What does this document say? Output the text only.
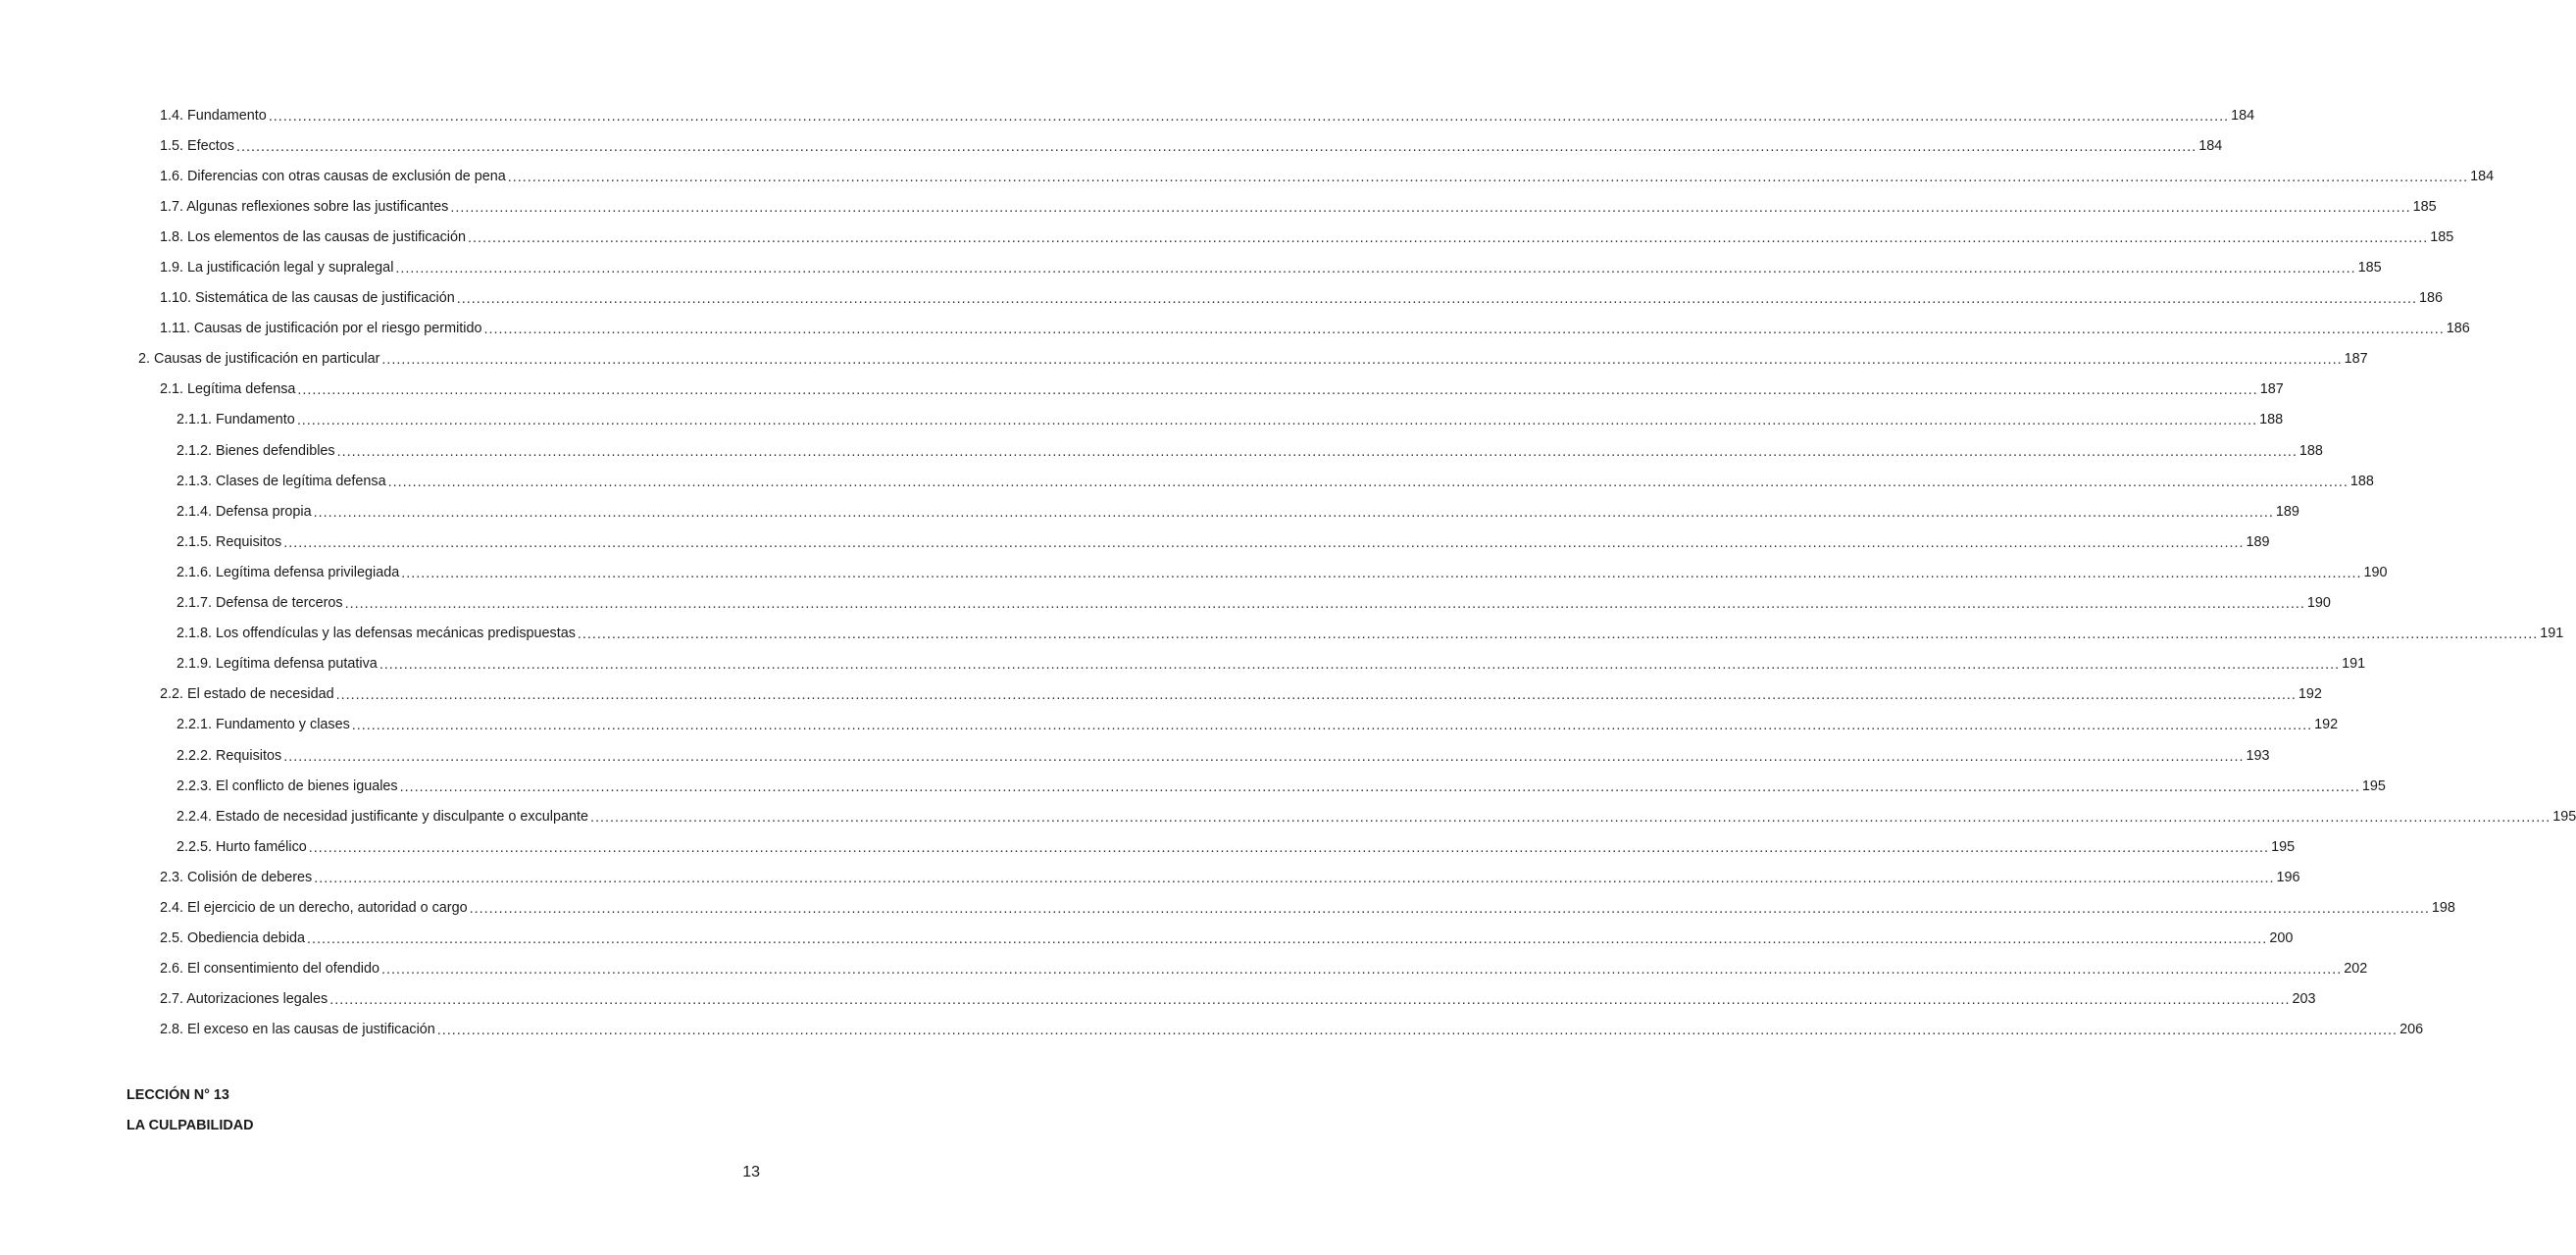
1.4. Fundamento ................................................................................................................................................................................................................................................................................................................................................................................................................ 184
1.5. Efectos ................................................................................................................................................................................................................................................................................................................................................................................................................ 184
1.6. Diferencias con otras causas de exclusión de pena ................................................................................................................................................................................................................................................................................................................................................................................................................ 184
1.7. Algunas reflexiones sobre las justificantes ................................................................................................................................................................................................................................................................................................................................................................................................................ 185
1.8. Los elementos de las causas de justificación ................................................................................................................................................................................................................................................................................................................................................................................................................ 185
1.9. La justificación legal y supralegal ................................................................................................................................................................................................................................................................................................................................................................................................................ 185
1.10. Sistemática de las causas de justificación ................................................................................................................................................................................................................................................................................................................................................................................................................ 186
1.11. Causas de justificación por el riesgo permitido ................................................................................................................................................................................................................................................................................................................................................................................................................ 186
2. Causas de justificación en particular ................................................................................................................................................................................................................................................................................................................................................................................................................ 187
2.1. Legítima defensa ................................................................................................................................................................................................................................................................................................................................................................................................................ 187
2.1.1. Fundamento ................................................................................................................................................................................................................................................................................................................................................................................................................ 188
2.1.2. Bienes defendibles ................................................................................................................................................................................................................................................................................................................................................................................................................ 188
2.1.3. Clases de legítima defensa ................................................................................................................................................................................................................................................................................................................................................................................................................ 188
2.1.4. Defensa propia ................................................................................................................................................................................................................................................................................................................................................................................................................ 189
2.1.5. Requisitos ................................................................................................................................................................................................................................................................................................................................................................................................................ 189
2.1.6. Legítima defensa privilegiada ................................................................................................................................................................................................................................................................................................................................................................................................................ 190
2.1.7. Defensa de terceros ................................................................................................................................................................................................................................................................................................................................................................................................................ 190
2.1.8. Los offendículas y las defensas mecánicas predispuestas ................................................................................................................................................................................................................................................................................................................................................................................................................ 191
2.1.9. Legítima defensa putativa ................................................................................................................................................................................................................................................................................................................................................................................................................ 191
2.2. El estado de necesidad ................................................................................................................................................................................................................................................................................................................................................................................................................ 192
2.2.1. Fundamento y clases ................................................................................................................................................................................................................................................................................................................................................................................................................ 192
2.2.2. Requisitos ................................................................................................................................................................................................................................................................................................................................................................................................................ 193
2.2.3. El conflicto de bienes iguales ................................................................................................................................................................................................................................................................................................................................................................................................................ 195
2.2.4. Estado de necesidad justificante y disculpante o exculpante ................................................................................................................................................................................................................................................................................................................................................................................................................ 195
2.2.5. Hurto famélico ................................................................................................................................................................................................................................................................................................................................................................................................................ 195
2.3. Colisión de deberes ................................................................................................................................................................................................................................................................................................................................................................................................................ 196
2.4. El ejercicio de un derecho, autoridad o cargo ................................................................................................................................................................................................................................................................................................................................................................................................................ 198
2.5. Obediencia debida ................................................................................................................................................................................................................................................................................................................................................................................................................ 200
2.6. El consentimiento del ofendido ................................................................................................................................................................................................................................................................................................................................................................................................................ 202
2.7. Autorizaciones legales ................................................................................................................................................................................................................................................................................................................................................................................................................ 203
2.8. El exceso en las causas de justificación ................................................................................................................................................................................................................................................................................................................................................................................................................ 206
LECCIÓN N° 13
LA CULPABILIDAD
13
